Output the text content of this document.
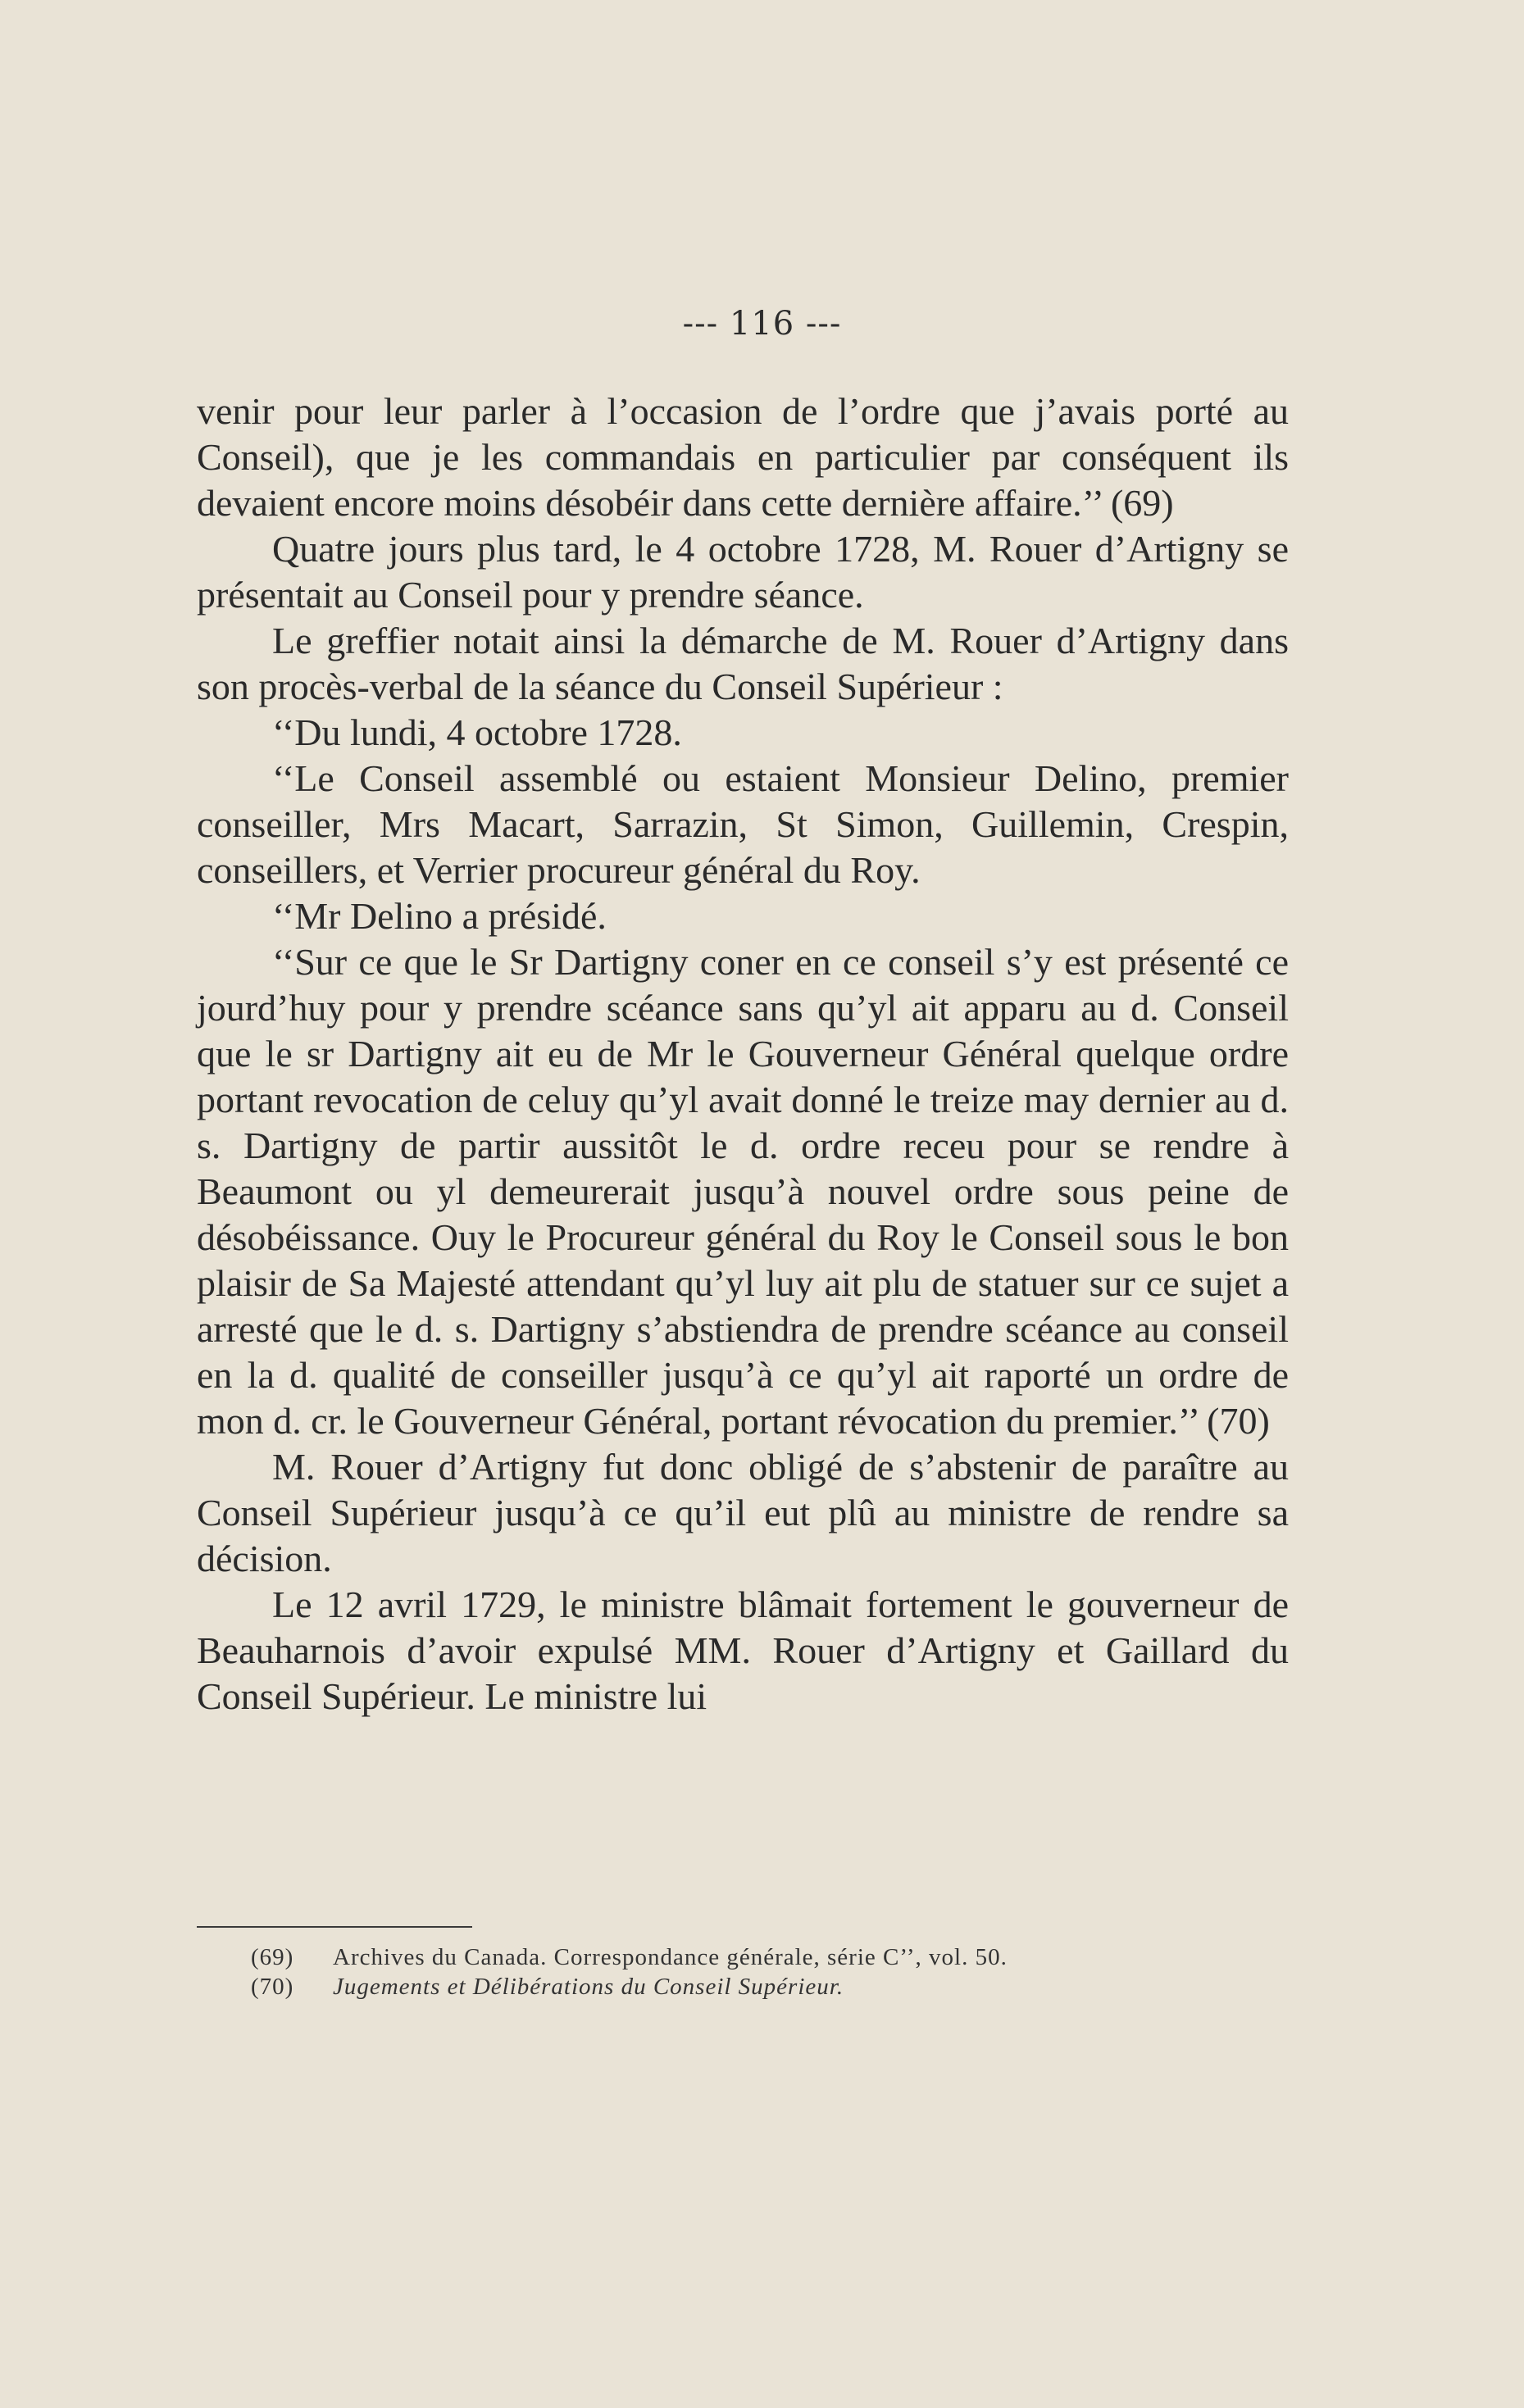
--- 116 ---

venir pour leur parler à l’occasion de l’ordre que j’avais porté au Conseil), que je les commandais en particulier par conséquent ils devaient encore moins désobéir dans cette dernière affaire.’’ (69)

Quatre jours plus tard, le 4 octobre 1728, M. Rouer d’Artigny se présentait au Conseil pour y prendre séance.

Le greffier notait ainsi la démarche de M. Rouer d’Artigny dans son procès-verbal de la séance du Conseil Supérieur :

‘‘Du lundi, 4 octobre 1728.

‘‘Le Conseil assemblé ou estaient Monsieur Delino, premier conseiller, Mrs Macart, Sarrazin, St Simon, Guillemin, Crespin, conseillers, et Verrier procureur général du Roy.

‘‘Mr Delino a présidé.

‘‘Sur ce que le Sr Dartigny coner en ce conseil s’y est présenté ce jourd’huy pour y prendre scéance sans qu’yl ait apparu au d. Conseil que le sr Dartigny ait eu de Mr le Gouverneur Général quelque ordre portant revocation de celuy qu’yl avait donné le treize may dernier au d. s. Dartigny de partir aussitôt le d. ordre receu pour se rendre à Beaumont ou yl demeurerait jusqu’à nouvel ordre sous peine de désobéissance. Ouy le Procureur général du Roy le Conseil sous le bon plaisir de Sa Majesté attendant qu’yl luy ait plu de statuer sur ce sujet a arresté que le d. s. Dartigny s’abstiendra de prendre scéance au conseil en la d. qualité de conseiller jusqu’à ce qu’yl ait raporté un ordre de mon d. cr. le Gouverneur Général, portant révocation du premier.’’ (70)

M. Rouer d’Artigny fut donc obligé de s’abstenir de paraître au Conseil Supérieur jusqu’à ce qu’il eut plû au ministre de rendre sa décision.

Le 12 avril 1729, le ministre blâmait fortement le gouverneur de Beauharnois d’avoir expulsé MM. Rouer d’Artigny et Gaillard du Conseil Supérieur. Le ministre lui

(69) Archives du Canada. Correspondance générale, série C’’, vol. 50.

(70) Jugements et Délibérations du Conseil Supérieur.
